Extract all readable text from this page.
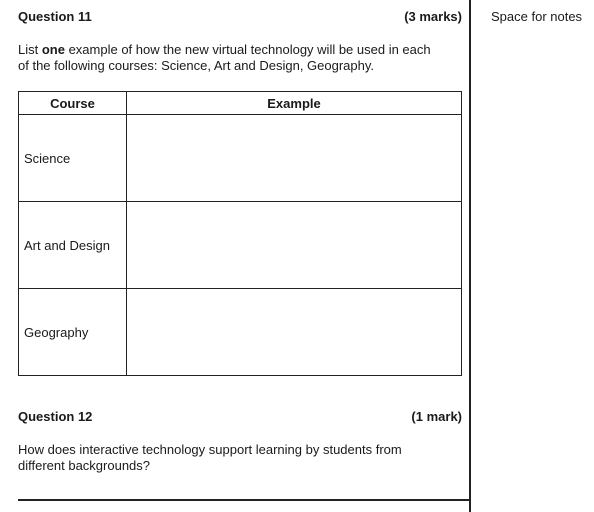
Space for notes
Question 11	(3 marks)
List one example of how the new virtual technology will be used in each
of the following courses: Science, Art and Design, Geography.
Course	Example
Science	
Art and Design	
Geography	
Question 12	(1 mark)
How does interactive technology support learning by students from
different backgrounds?
